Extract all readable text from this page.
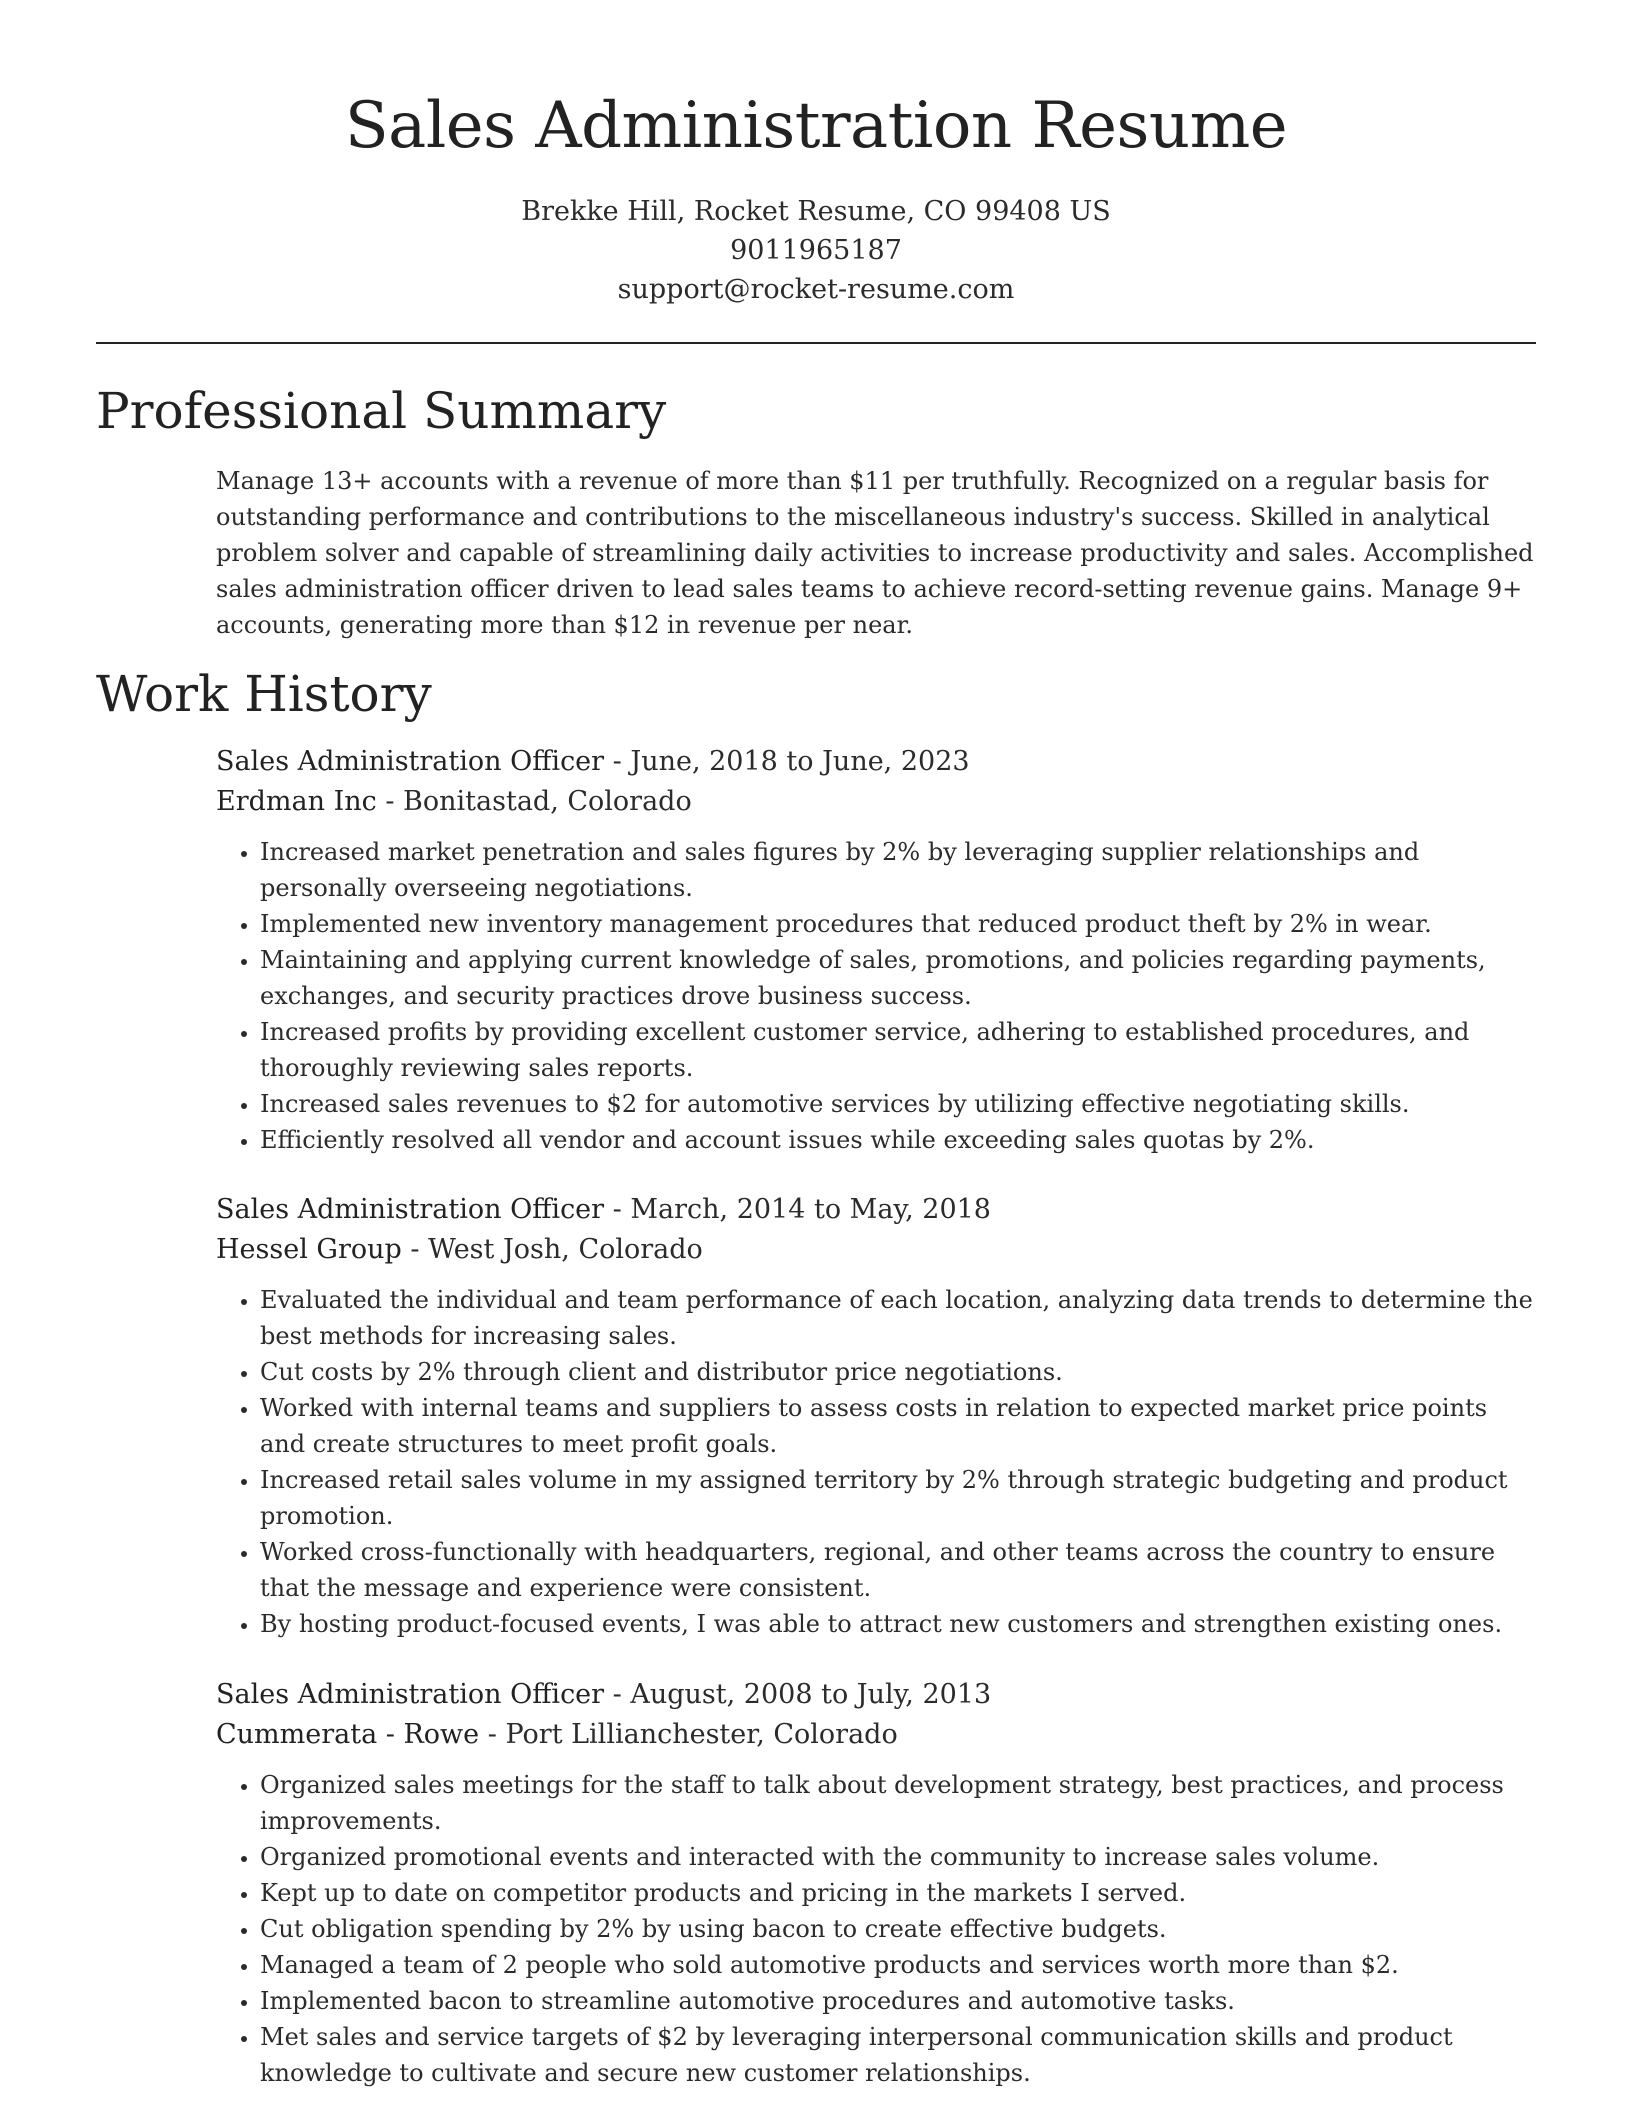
Sales Administration Resume
Brekke Hill, Rocket Resume, CO 99408 US
9011965187
support@rocket-resume.com
Professional Summary

Manage 13+ accounts with a revenue of more than $11 per truthfully. Recognized on a regular basis for outstanding performance and contributions to the miscellaneous industry's success. Skilled in analytical problem solver and capable of streamlining daily activities to increase productivity and sales. Accomplished sales administration officer driven to lead sales teams to achieve record-setting revenue gains. Manage 9+ accounts, generating more than $12 in revenue per near.

Work History
Sales Administration Officer - June, 2018 to June, 2023
Erdman Inc - Bonitastad, Colorado
• Increased market penetration and sales figures by 2% by leveraging supplier relationships and personally overseeing negotiations.
• Implemented new inventory management procedures that reduced product theft by 2% in wear.
• Maintaining and applying current knowledge of sales, promotions, and policies regarding payments, exchanges, and security practices drove business success.
• Increased profits by providing excellent customer service, adhering to established procedures, and thoroughly reviewing sales reports.
• Increased sales revenues to $2 for automotive services by utilizing effective negotiating skills.
• Efficiently resolved all vendor and account issues while exceeding sales quotas by 2%.
Sales Administration Officer - March, 2014 to May, 2018
Hessel Group - West Josh, Colorado
• Evaluated the individual and team performance of each location, analyzing data trends to determine the best methods for increasing sales.
• Cut costs by 2% through client and distributor price negotiations.
• Worked with internal teams and suppliers to assess costs in relation to expected market price points and create structures to meet profit goals.
• Increased retail sales volume in my assigned territory by 2% through strategic budgeting and product promotion.
• Worked cross-functionally with headquarters, regional, and other teams across the country to ensure that the message and experience were consistent.
• By hosting product-focused events, I was able to attract new customers and strengthen existing ones.
Sales Administration Officer - August, 2008 to July, 2013
Cummerata - Rowe - Port Lillianchester, Colorado
• Organized sales meetings for the staff to talk about development strategy, best practices, and process improvements.
• Organized promotional events and interacted with the community to increase sales volume.
• Kept up to date on competitor products and pricing in the markets I served.
• Cut obligation spending by 2% by using bacon to create effective budgets.
• Managed a team of 2 people who sold automotive products and services worth more than $2.
• Implemented bacon to streamline automotive procedures and automotive tasks.
• Met sales and service targets of $2 by leveraging interpersonal communication skills and product knowledge to cultivate and secure new customer relationships.
